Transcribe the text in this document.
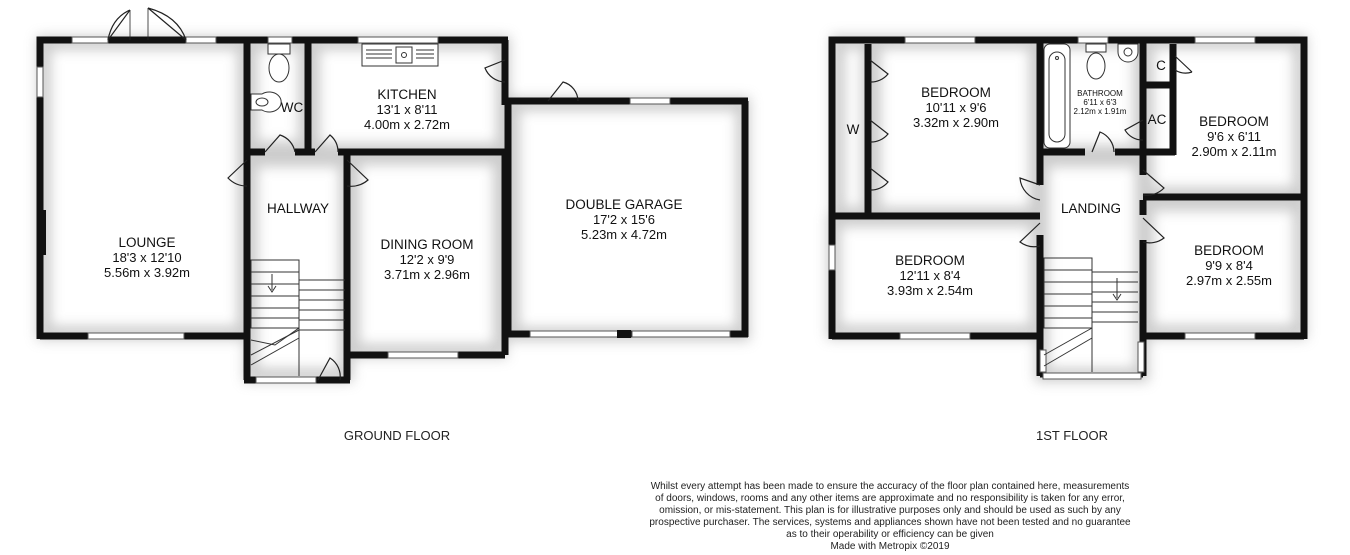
LOUNGE
18'3 x 12'10
5.56m x 3.92m
WC
KITCHEN
13'1 x 8'11
4.00m x 2.72m
HALLWAY
DINING ROOM
12'2 x 9'9
3.71m x 2.96m
DOUBLE GARAGE
17'2 x 15'6
5.23m x 4.72m
GROUND FLOOR
BEDROOM
10'11 x 9'6
3.32m x 2.90m
BATHROOM
6'11 x 6'3
2.12m x 1.91m
BEDROOM
9'6 x 6'11
2.90m x 2.11m
BEDROOM
12'11 x 8'4
3.93m x 2.54m
BEDROOM
9'9 x 8'4
2.97m x 2.55m
LANDING
W
C
AC
1ST FLOOR
Whilst every attempt has been made to ensure the accuracy of the floor plan contained here, measurements
of doors, windows, rooms and any other items are approximate and no responsibility is taken for any error,
omission, or mis-statement. This plan is for illustrative purposes only and should be used as such by any
prospective purchaser. The services, systems and appliances shown have not been tested and no guarantee
as to their operability or efficiency can be given
Made with Metropix ©2019
